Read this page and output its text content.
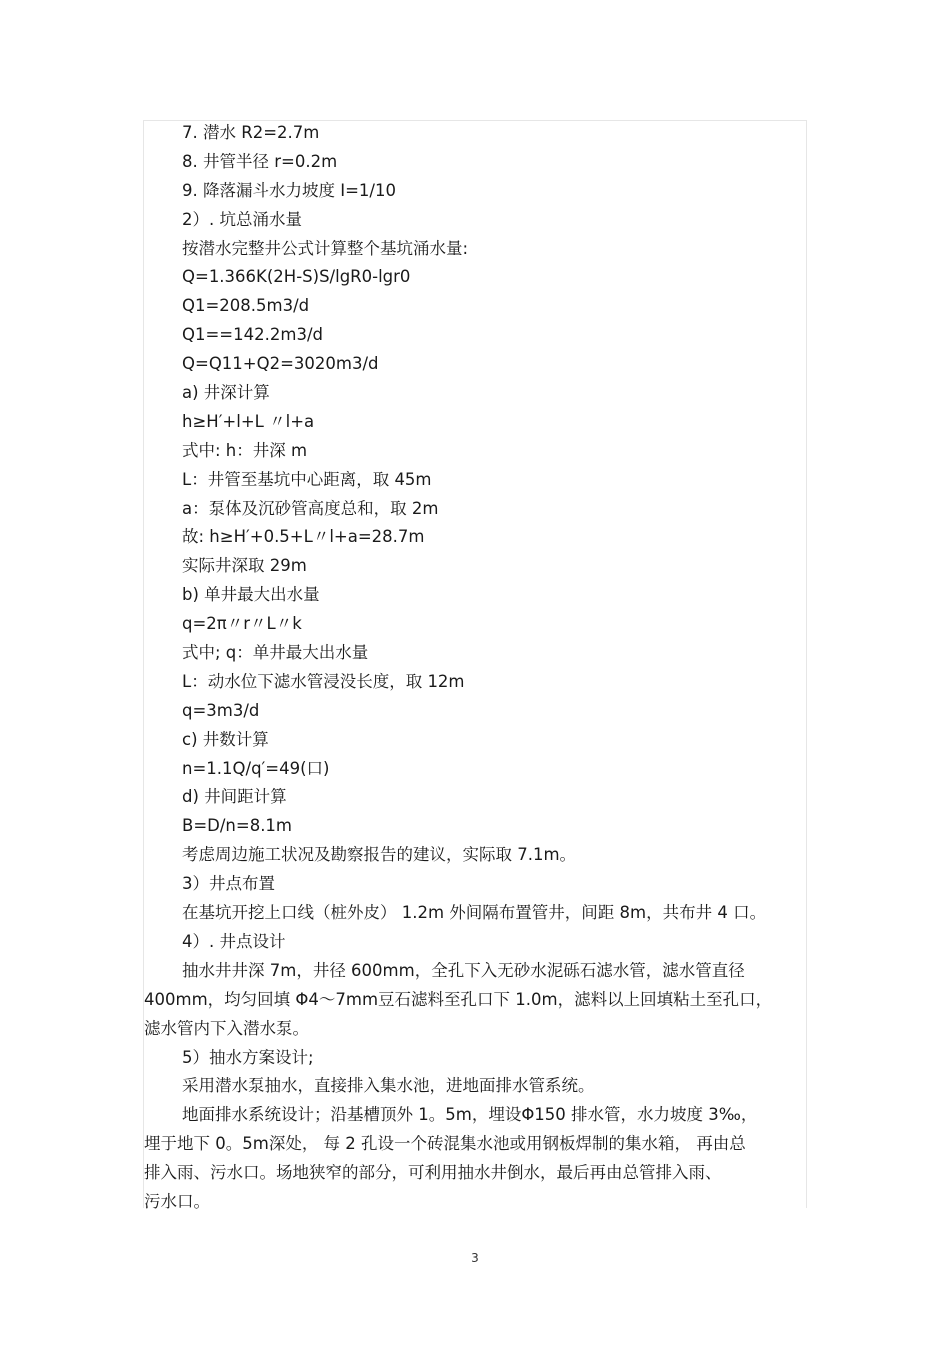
7. 潜水 R2=2.7m
8. 井管半径 r=0.2m
9. 降落漏斗水力坡度 I=1/10
2）. 坑总涌水量
按潜水完整井公式计算整个基坑涌水量:
Q=1.366K(2H-S)S/lgR0-lgr0
Q1=208.5m3/d
Q1==142.2m3/d
Q=Q11+Q2=3020m3/d
a) 井深计算
h≥H′+l+L 〃l+a
式中: h：井深 m
L：井管至基坑中心距离，取 45m
a：泵体及沉砂管高度总和，取 2m
故: h≥H′+0.5+L〃l+a=28.7m
实际井深取 29m
b) 单井最大出水量
q=2π〃r〃L〃k
式中; q：单井最大出水量
L：动水位下滤水管浸没长度，取 12m
q=3m3/d
c) 井数计算
n=1.1Q/q′=49(口)
d) 井间距计算
B=D/n=8.1m
考虑周边施工状况及勘察报告的建议，实际取 7.1m。
3）井点布置
在基坑开挖上口线（桩外皮） 1.2m 外间隔布置管井，间距 8m，共布井 4 口。
4）. 井点设计
抽水井井深 7m，井径 600mm，全孔下入无砂水泥砾石滤水管，滤水管直径
400mm，均匀回填 Φ4～7mm豆石滤料至孔口下 1.0m，滤料以上回填粘土至孔口，
滤水管内下入潜水泵。
5）抽水方案设计;
采用潜水泵抽水，直接排入集水池，进地面排水管系统。
地面排水系统设计；沿基槽顶外 1。5m，埋设Φ150 排水管，水力坡度 3‰，
埋于地下 0。5m深处， 每 2 孔设一个砖混集水池或用钢板焊制的集水箱， 再由总
排入雨、污水口。场地狭窄的部分，可利用抽水井倒水，最后再由总管排入雨、
污水口。
3
